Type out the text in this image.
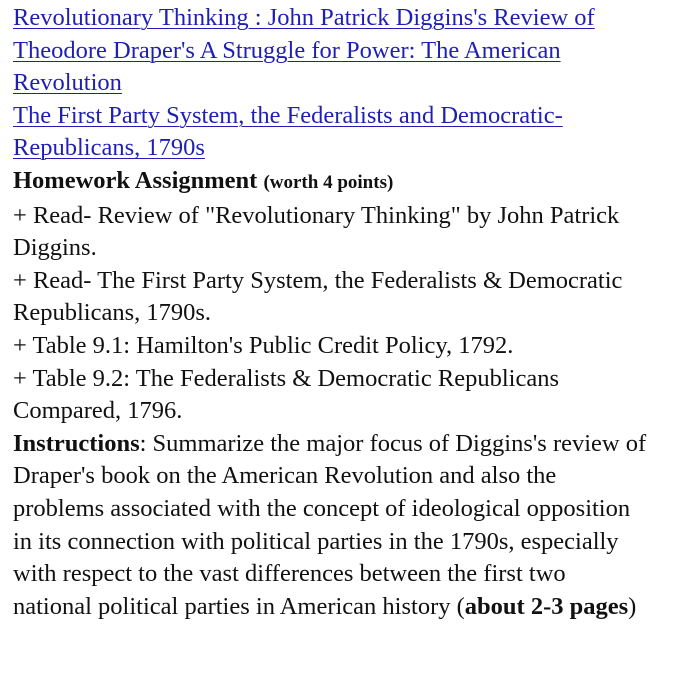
Revolutionary Thinking : John Patrick Diggins's Review of
Theodore Draper's A Struggle for Power: The American
Revolution
The First Party System, the Federalists and Democratic-
Republicans, 1790s
Homework Assignment (worth 4 points)
+ Read- Review of "Revolutionary Thinking" by John Patrick
Diggins.
+ Read- The First Party System, the Federalists & Democratic
Republicans, 1790s.
+ Table 9.1: Hamilton's Public Credit Policy, 1792.
+ Table 9.2: The Federalists & Democratic Republicans
Compared, 1796.
Instructions: Summarize the major focus of Diggins's review of
Draper's book on the American Revolution and also the
problems associated with the concept of ideological opposition
in its connection with political parties in the 1790s, especially
with respect to the vast differences between the first two
national political parties in American history (about 2-3 pages)
